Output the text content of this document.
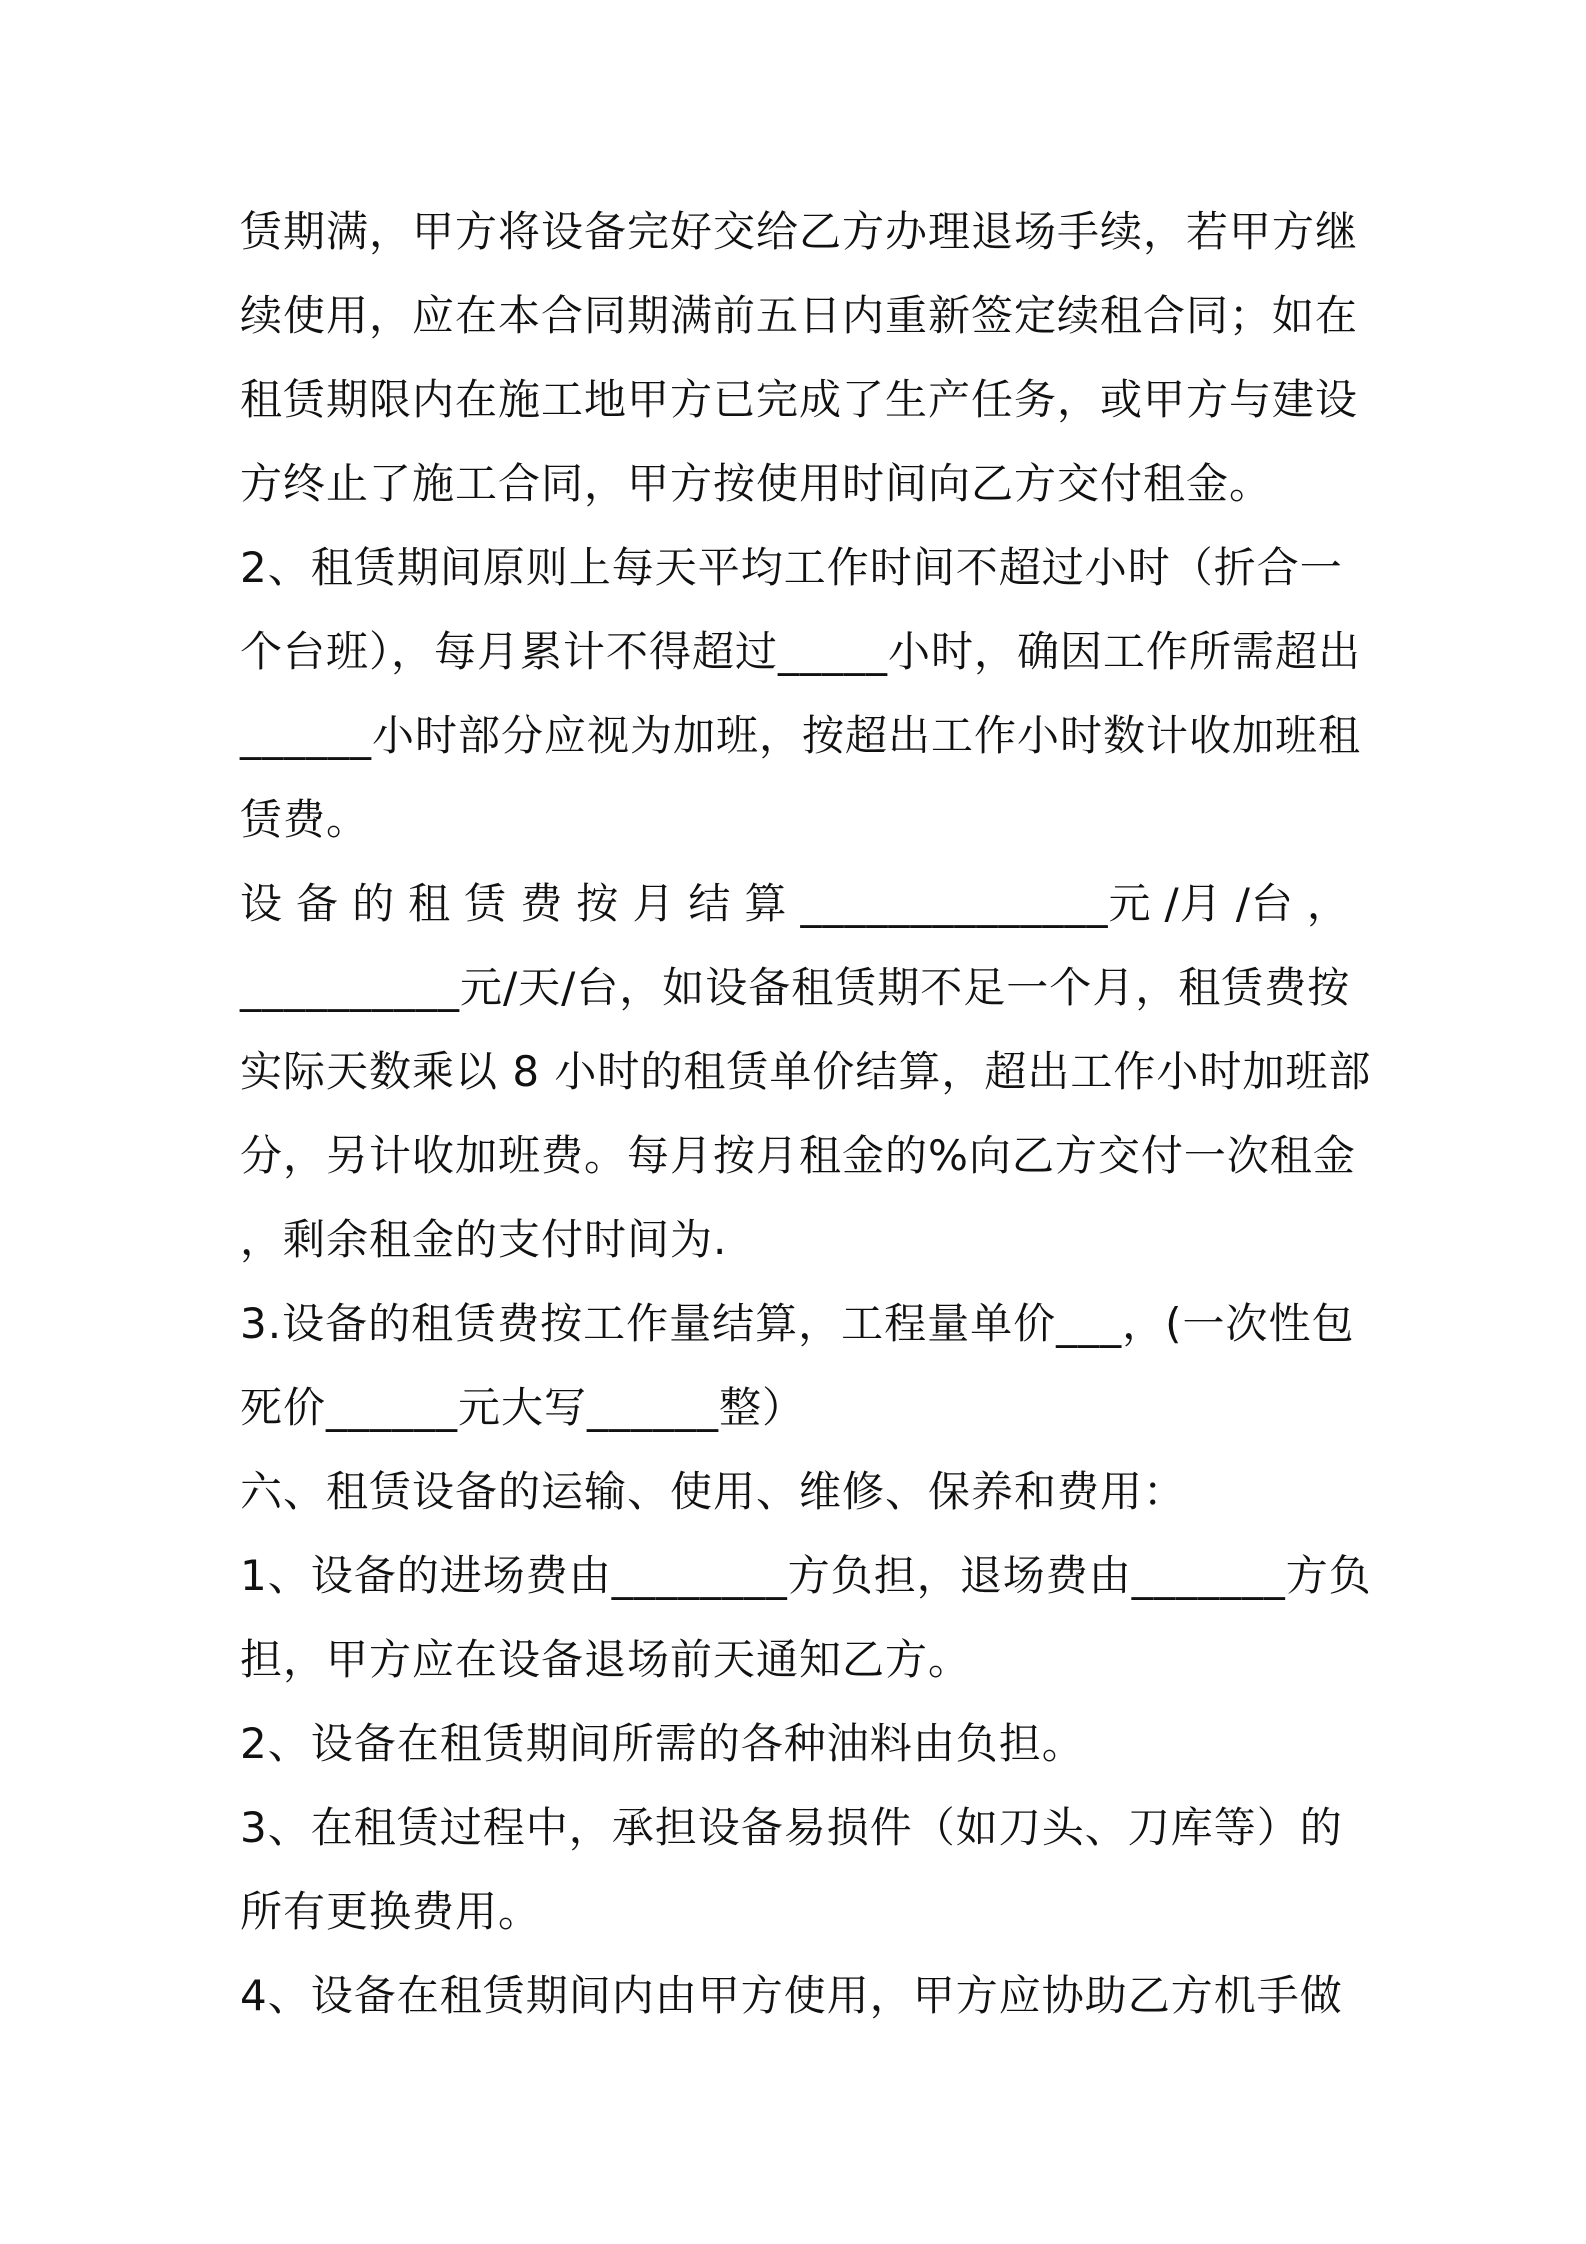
赁期满，甲方将设备完好交给乙方办理退场手续，若甲方继
续使用，应在本合同期满前五日内重新签定续租合同；如在
租赁期限内在施工地甲方已完成了生产任务，或甲方与建设
方终止了施工合同，甲方按使用时间向乙方交付租金。
2、租赁期间原则上每天平均工作时间不超过小时（折合一
个台班），每月累计不得超过_____小时，确因工作所需超出
______小时部分应视为加班，按超出工作小时数计收加班租
赁费。
设 备 的 租 赁 费 按 月 结 算 ______________元 /月 /台 ，
__________元/天/台，如设备租赁期不足一个月，租赁费按
实际天数乘以 8 小时的租赁单价结算，超出工作小时加班部
分，另计收加班费。每月按月租金的%向乙方交付一次租金
，剩余租金的支付时间为.
3.设备的租赁费按工作量结算，工程量单价___，(一次性包
死价______元大写______整）
六、租赁设备的运输、使用、维修、保养和费用：
1、设备的进场费由________方负担，退场费由_______方负
担，甲方应在设备退场前天通知乙方。
2、设备在租赁期间所需的各种油料由负担。
3、在租赁过程中，承担设备易损件（如刀头、刀库等）的
所有更换费用。
4、设备在租赁期间内由甲方使用，甲方应协助乙方机手做
